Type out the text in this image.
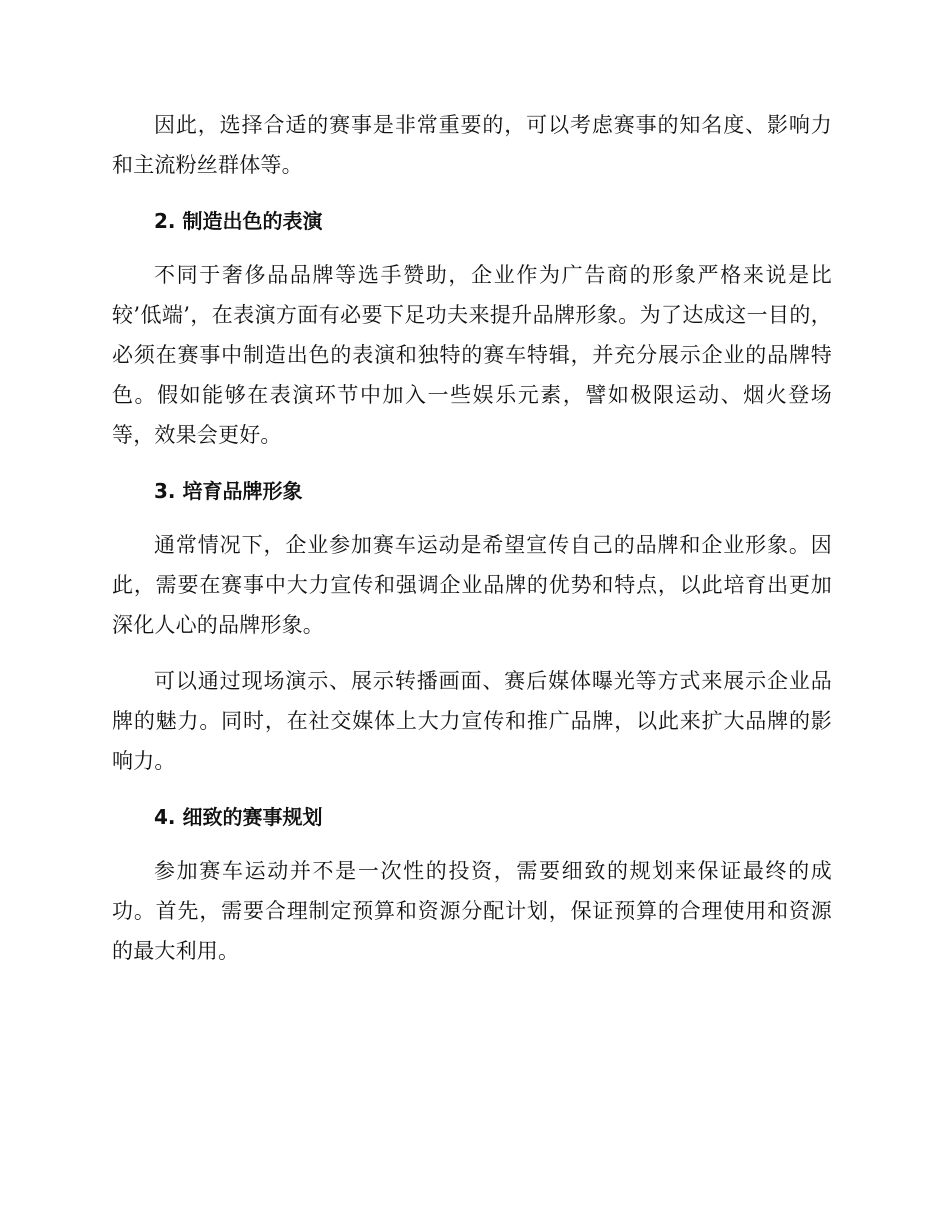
因此，选择合适的赛事是非常重要的，可以考虑赛事的知名度、影响力和主流粉丝群体等。

2. 制造出色的表演

不同于奢侈品品牌等选手赞助，企业作为广告商的形象严格来说是比较’低端’，在表演方面有必要下足功夫来提升品牌形象。为了达成这一目的，必须在赛事中制造出色的表演和独特的赛车特辑，并充分展示企业的品牌特色。假如能够在表演环节中加入一些娱乐元素，譬如极限运动、烟火登场等，效果会更好。

3. 培育品牌形象

通常情况下，企业参加赛车运动是希望宣传自己的品牌和企业形象。因此，需要在赛事中大力宣传和强调企业品牌的优势和特点，以此培育出更加深化人心的品牌形象。

可以通过现场演示、展示转播画面、赛后媒体曝光等方式来展示企业品牌的魅力。同时，在社交媒体上大力宣传和推广品牌，以此来扩大品牌的影响力。

4. 细致的赛事规划

参加赛车运动并不是一次性的投资，需要细致的规划来保证最终的成功。首先，需要合理制定预算和资源分配计划，保证预算的合理使用和资源的最大利用。
